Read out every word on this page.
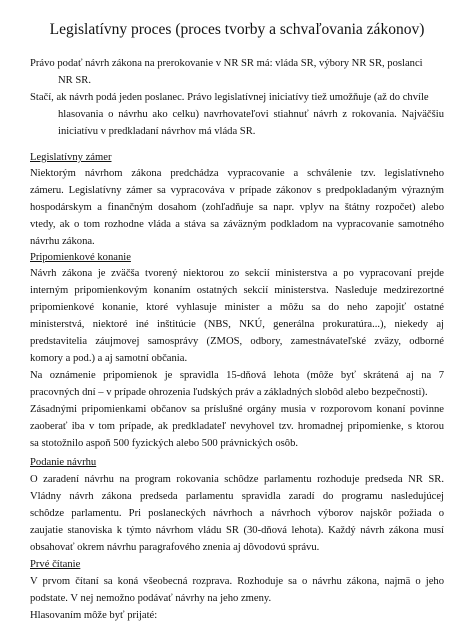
Legislatívny proces (proces tvorby a schvaľovania zákonov)
Právo podať návrh zákona na prerokovanie v NR SR má: vláda SR, výbory NR SR, poslanci
NR SR.
Stačí, ak návrh podá jeden poslanec. Právo legislatívnej iniciatívy tiež umožňuje (až do chvíle
hlasovania o návrhu ako celku) navrhovateľovi stiahnuť návrh z rokovania. Najväčšiu
iniciatívu v predkladaní návrhov má vláda SR.
Legislatívny zámer
Niektorým návrhom zákona predchádza vypracovanie a schválenie tzv. legislatívneho
zámeru. Legislatívny zámer sa vypracováva v prípade zákonov s predpokladaným výrazným
hospodárskym a finančným dosahom (zohľadňuje sa napr. vplyv na štátny rozpočet) alebo
vtedy, ak o tom rozhodne vláda a stáva sa záväzným podkladom na vypracovanie samotného
návrhu zákona.
Pripomienkové konanie
Návrh zákona je zväčša tvorený niektorou zo sekcií ministerstva a po vypracovaní prejde
interným pripomienkovým konaním ostatných sekcií ministerstva. Nasleduje medzirezortné
pripomienkové konanie, ktoré vyhlasuje minister a môžu sa do neho zapojiť ostatné
ministerstvá, niektoré iné inštitúcie (NBS, NKÚ, generálna prokuratúra...), niekedy aj
predstavitelia záujmovej samosprávy (ZMOS, odbory, zamestnávateľské zväzy, odborné
komory a pod.) a aj samotní občania.
Na oznámenie pripomienok je spravidla 15-dňová lehota (môže byť skrátená aj na 7
pracovných dní – v prípade ohrozenia ľudských práv a základných slobôd alebo bezpečnosti).
Zásadnými pripomienkami občanov sa príslušné orgány musia v rozporovom konaní povinne
zaoberať iba v tom prípade, ak predkladateľ nevyhovel tzv. hromadnej pripomienke, s ktorou
sa stotožnilo aspoň 500 fyzických alebo 500 právnických osôb.
Podanie návrhu
O zaradení návrhu na program rokovania schôdze parlamentu rozhoduje predseda NR SR.
Vládny návrh zákona predseda parlamentu spravidla zaradí do programu nasledujúcej
schôdze parlamentu. Pri poslaneckých návrhoch a návrhoch výborov najskôr požiada o
zaujatie stanoviska k týmto návrhom vládu SR (30-dňová lehota). Každý návrh zákona musí
obsahovať okrem návrhu paragrafového znenia aj dôvodovú správu.
Prvé čítanie
V prvom čítaní sa koná všeobecná rozprava. Rozhoduje sa o návrhu zákona, najmä o jeho
podstate. V nej nemožno podávať návrhy na jeho zmeny.
Hlasovaním môže byť prijaté:
